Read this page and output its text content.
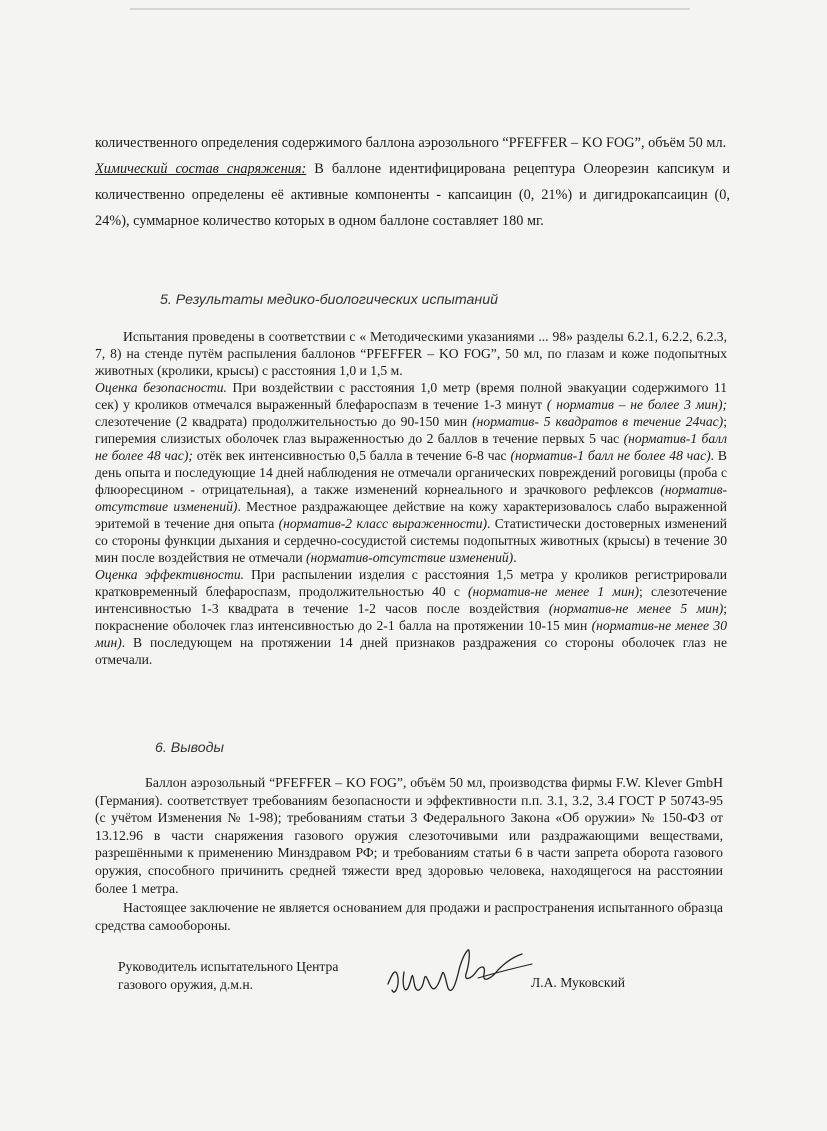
количественного определения содержимого баллона аэрозольного “PFEFFER – KO FOG”, объём 50 мл.

Химический состав снаряжения: В баллоне идентифицирована рецептура Олеорезин капсикум и количественно определены её активные компоненты - капсаицин (0, 21%) и дигидрокапсаицин (0, 24%), суммарное количество которых в одном баллоне составляет 180 мг.

5. Результаты медико-биологических испытаний

Испытания проведены в соответствии с « Методическими указаниями ... 98» разделы 6.2.1, 6.2.2, 6.2.3, 7, 8) на стенде путём распыления баллонов “PFEFFER – KO FOG”, 50 мл, по глазам и коже подопытных животных (кролики, крысы) с расстояния 1,0 и 1,5 м.

Оценка безопасности. При воздействии с расстояния 1,0 метр (время полной эвакуации содержимого 11 сек) у кроликов отмечался выраженный блефароспазм в течение 1-3 минут ( норматив – не более 3 мин); слезотечение (2 квадрата) продолжительностью до 90-150 мин (норматив- 5 квадратов в течение 24час); гиперемия слизистых оболочек глаз выраженностью до 2 баллов в течение первых 5 час (норматив-1 балл не более 48 час); отёк век интенсивностью 0,5 балла в течение 6-8 час (норматив-1 балл не более 48 час). В день опыта и последующие 14 дней наблюдения не отмечали органических повреждений роговицы (проба с флюоресцином - отрицательная), а также изменений корнеального и зрачкового рефлексов (норматив-отсутствие изменений). Местное раздражающее действие на кожу характеризовалось слабо выраженной эритемой в течение дня опыта (норматив-2 класс выраженности). Статистически достоверных изменений со стороны функции дыхания и сердечно-сосудистой системы подопытных животных (крысы) в течение 30 мин после воздействия не отмечали (норматив-отсутствие изменений).

Оценка эффективности. При распылении изделия с расстояния 1,5 метра у кроликов регистрировали кратковременный блефароспазм, продолжительностью 40 с (норматив-не менее 1 мин); слезотечение интенсивностью 1-3 квадрата в течение 1-2 часов после воздействия (норматив-не менее 5 мин); покраснение оболочек глаз интенсивностью до 2-1 балла на протяжении 10-15 мин (норматив-не менее 30 мин). В последующем на протяжении 14 дней признаков раздражения со стороны оболочек глаз не отмечали.

6. Выводы

Баллон аэрозольный “PFEFFER – KO FOG”, объём 50 мл, производства фирмы F.W. Klever GmbH (Германия). соответствует требованиям безопасности и эффективности п.п. 3.1, 3.2, 3.4 ГОСТ Р 50743-95 (с учётом Изменения № 1-98); требованиям статьи 3 Федерального Закона «Об оружии» № 150-ФЗ от 13.12.96 в части снаряжения газового оружия слезоточивыми или раздражающими веществами, разрешёнными к применению Минздравом РФ; и требованиям статьи 6 в части запрета оборота газового оружия, способного причинить средней тяжести вред здоровью человека, находящегося на расстоянии более 1 метра.

Настоящее заключение не является основанием для продажи и распространения испытанного образца средства самообороны.

Руководитель испытательного Центра
газового оружия, д.м.н.	Л.А. Муковский
